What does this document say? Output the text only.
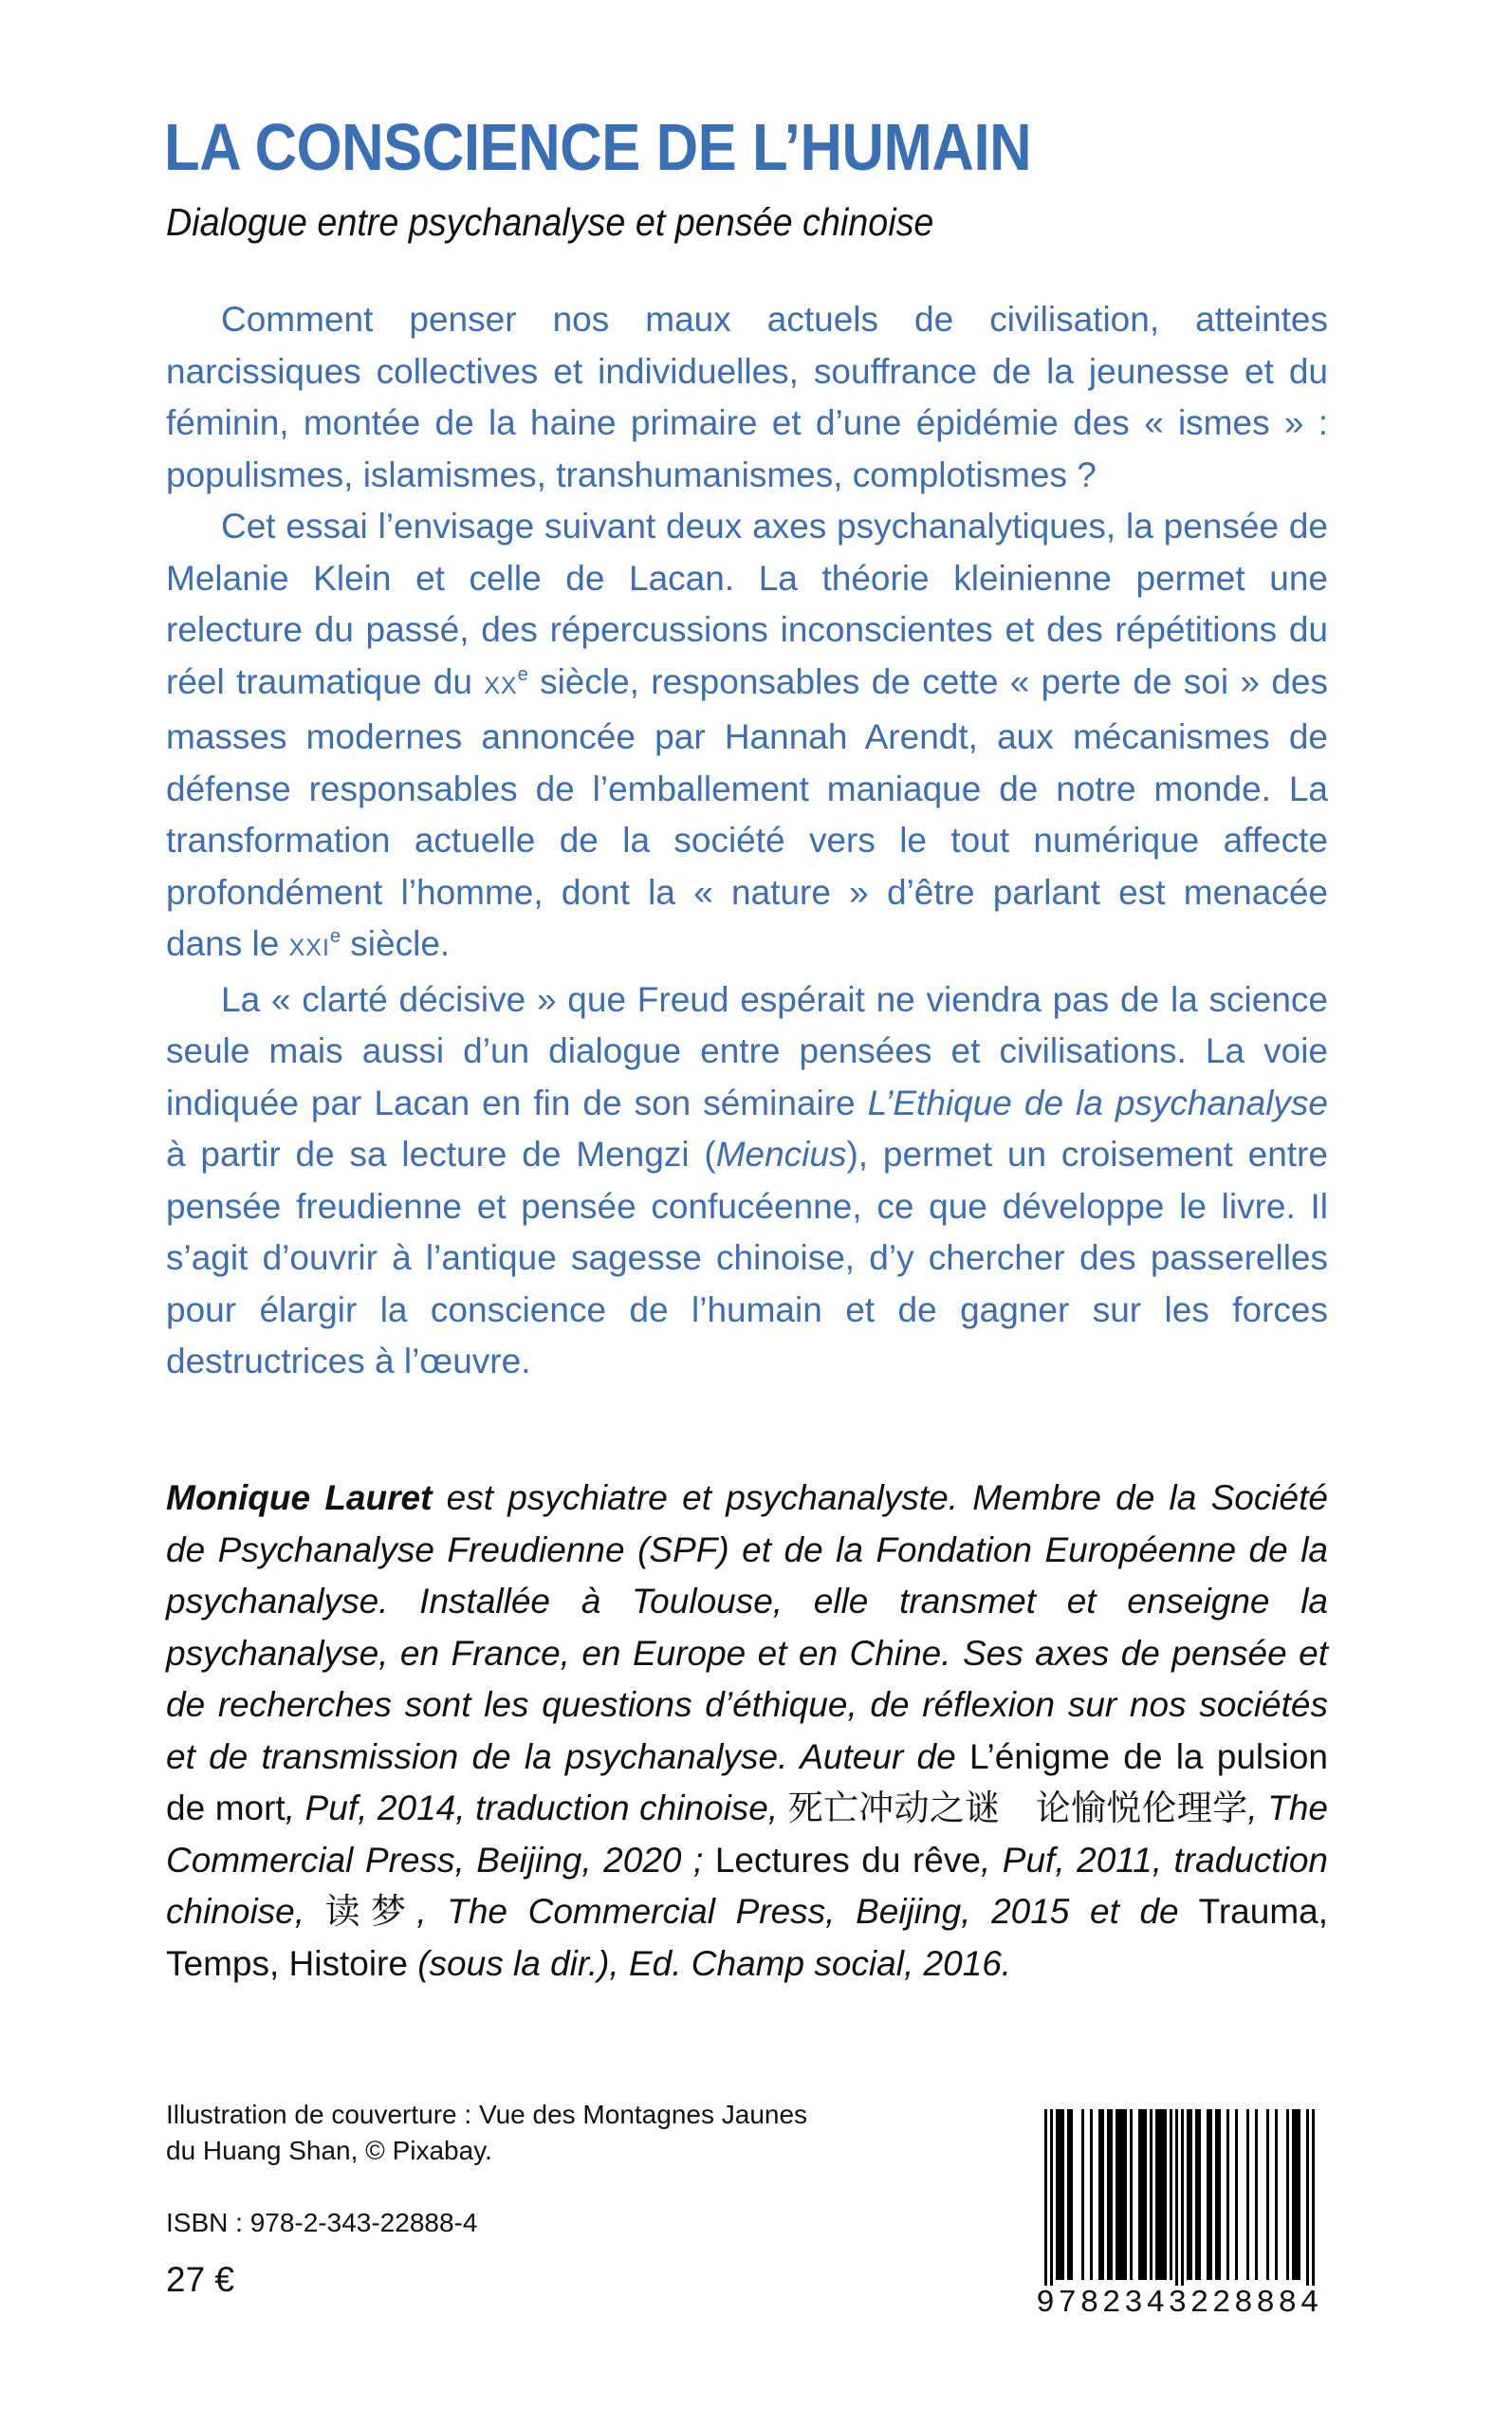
LA CONSCIENCE DE L’HUMAIN
Dialogue entre psychanalyse et pensée chinoise

Comment penser nos maux actuels de civilisation, atteintes narcissiques collectives et individuelles, souffrance de la jeunesse et du féminin, montée de la haine primaire et d’une épidémie des « ismes » : populismes, islamismes, transhumanismes, complotismes ?

Cet essai l’envisage suivant deux axes psychanalytiques, la pensée de Melanie Klein et celle de Lacan. La théorie kleinienne permet une relecture du passé, des répercussions inconscientes et des répétitions du réel traumatique du XXe siècle, responsables de cette « perte de soi » des masses modernes annoncée par Hannah Arendt, aux mécanismes de défense responsables de l’emballement maniaque de notre monde. La transformation actuelle de la société vers le tout numérique affecte profondément l’homme, dont la « nature » d’être parlant est menacée dans le XXIe siècle.

La « clarté décisive » que Freud espérait ne viendra pas de la science seule mais aussi d’un dialogue entre pensées et civilisations. La voie indiquée par Lacan en fin de son séminaire L’Ethique de la psychanalyse à partir de sa lecture de Mengzi (Mencius), permet un croisement entre pensée freudienne et pensée confucéenne, ce que développe le livre. Il s’agit d’ouvrir à l’antique sagesse chinoise, d’y chercher des passerelles pour élargir la conscience de l’humain et de gagner sur les forces destructrices à l’œuvre.

Monique Lauret est psychiatre et psychanalyste. Membre de la Société de Psychanalyse Freudienne (SPF) et de la Fondation Européenne de la psychanalyse. Installée à Toulouse, elle transmet et enseigne la psychanalyse, en France, en Europe et en Chine. Ses axes de pensée et de recherches sont les questions d’éthique, de réflexion sur nos sociétés et de transmission de la psychanalyse. Auteur de L’énigme de la pulsion de mort, Puf, 2014, traduction chinoise, 死亡冲动之谜　论愉悦伦理学, The Commercial Press, Beijing, 2020 ; Lectures du rêve, Puf, 2011, traduction chinoise, 读梦, The Commercial Press, Beijing, 2015 et de Trauma, Temps, Histoire (sous la dir.), Ed. Champ social, 2016.

Illustration de couverture : Vue des Montagnes Jaunes
du Huang Shan, © Pixabay.
ISBN : 978-2-343-22888-4
27 €
9782343228884
